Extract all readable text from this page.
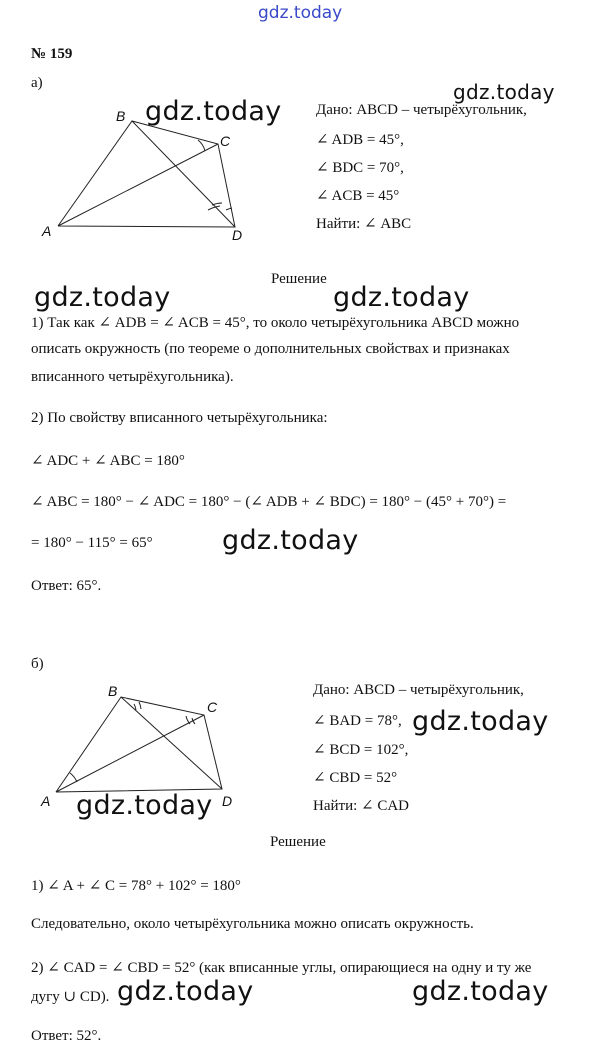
gdz.today
№ 159
а)
A
B
C
D
gdz.today
gdz.today
Дано: ABCD – четырёхугольник,
∠ ADB = 45°,
∠ BDC = 70°,
∠ ACB = 45°
Найти: ∠ ABC
Решение
gdz.today	gdz.today
1) Так как ∠ ADB = ∠ ACB = 45°, то около четырёхугольника ABCD можно
описать окружность (по теореме о дополнительных свойствах и признаках
вписанного четырёхугольника).
2) По свойству вписанного четырёхугольника:
∠ ADC + ∠ ABC = 180°
∠ ABC = 180° − ∠ ADC = 180° − (∠ ADB + ∠ BDC) = 180° − (45° + 70°) =
= 180° − 115° = 65°	gdz.today
Ответ: 65°.
б)
A
B
C
D
Дано: ABCD – четырёхугольник,
∠ BAD = 78°,
∠ BCD = 102°,
∠ CBD = 52°
Найти: ∠ CAD
gdz.today
gdz.today
Решение
1) ∠ A + ∠ C = 78° + 102° = 180°
Следовательно, около четырёхугольника можно описать окружность.
2) ∠ CAD = ∠ CBD = 52° (как вписанные углы, опирающиеся на одну и ту же
дугу ∪ CD). gdz.today	gdz.today
Ответ: 52°.
